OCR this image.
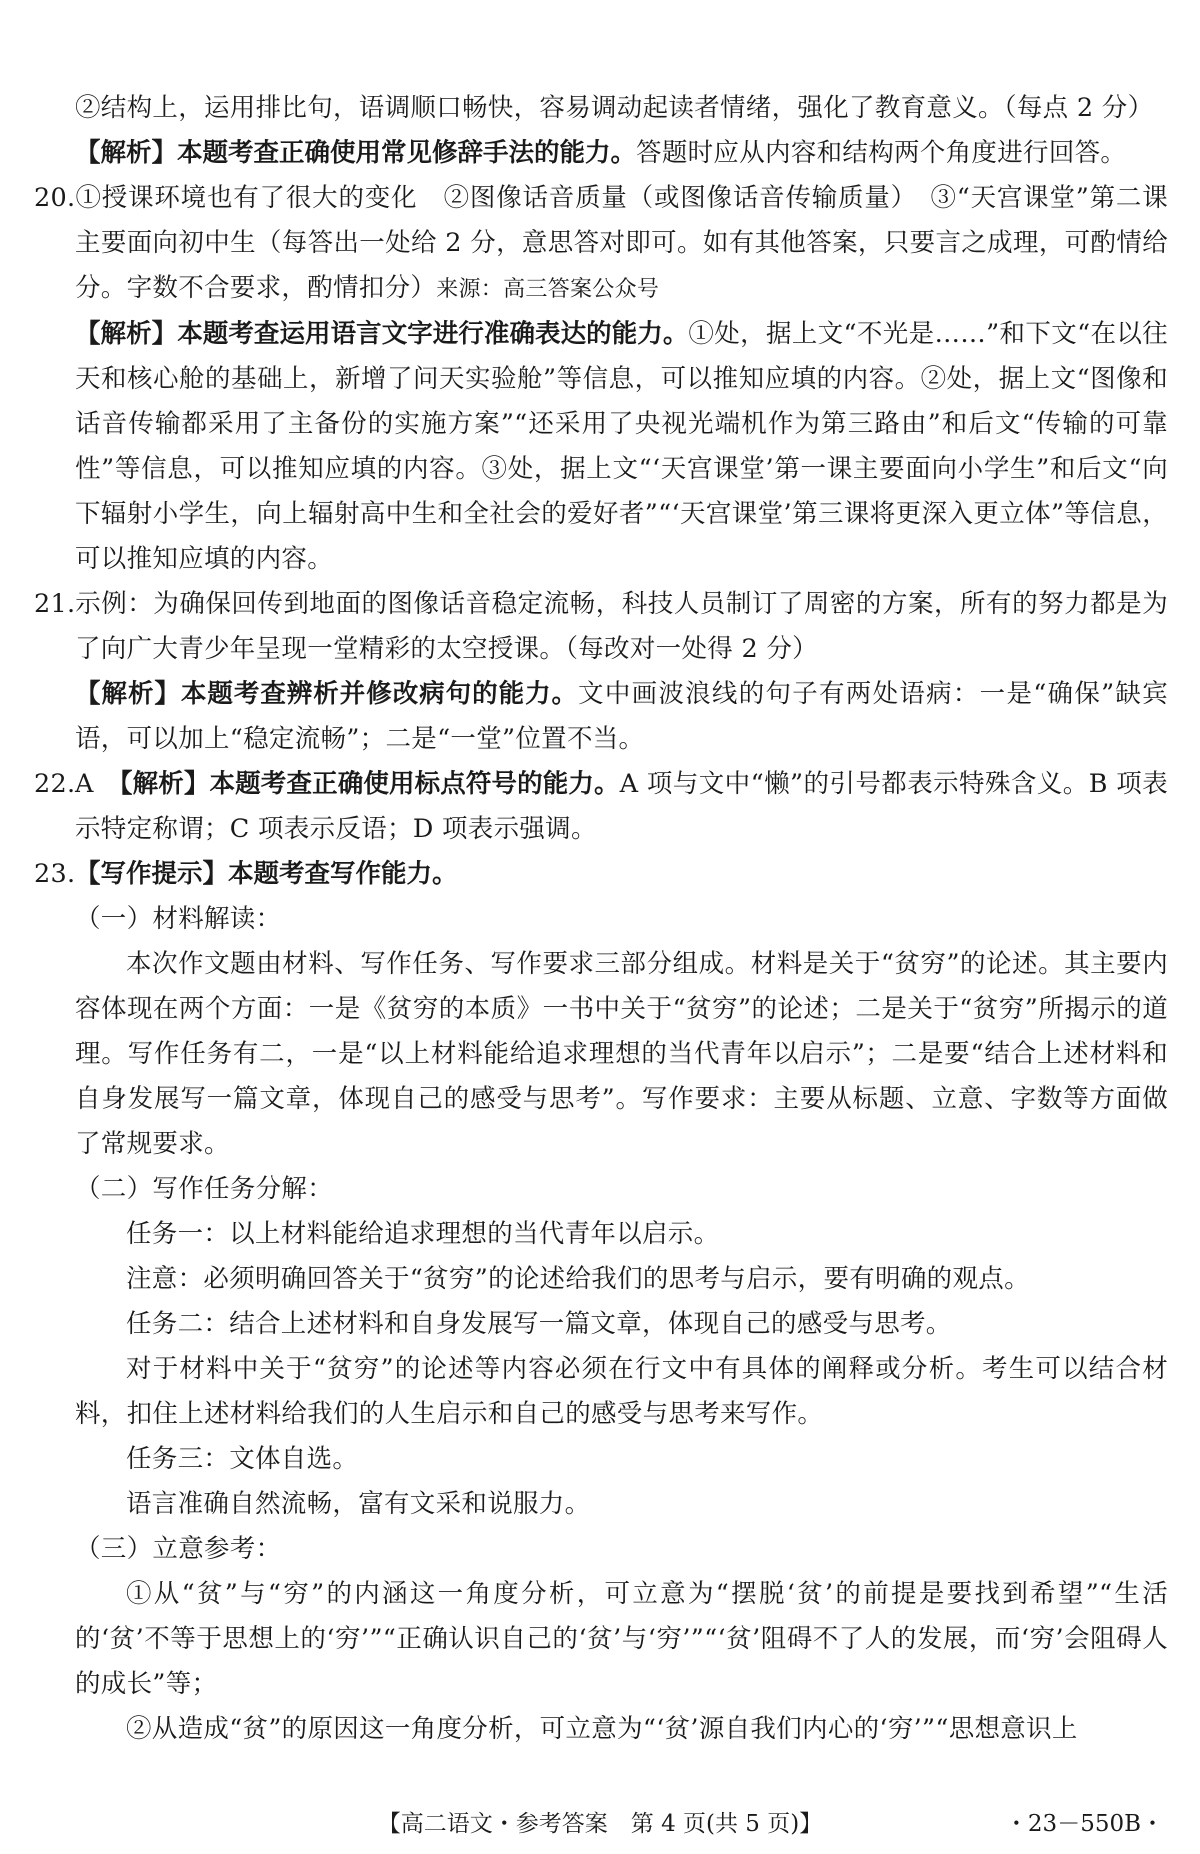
②结构上，运用排比句，语调顺口畅快，容易调动起读者情绪，强化了教育意义。（每点 2 分）

【解析】本题考查正确使用常见修辞手法的能力。答题时应从内容和结构两个角度进行回答。

20.①授课环境也有了很大的变化　②图像话音质量（或图像话音传输质量）　③“天宫课堂”第二课主要面向初中生（每答出一处给 2 分，意思答对即可。如有其他答案，只要言之成理，可酌情给分。字数不合要求，酌情扣分）来源：高三答案公众号

【解析】本题考查运用语言文字进行准确表达的能力。①处，据上文“不光是……”和下文“在以往天和核心舱的基础上，新增了问天实验舱”等信息，可以推知应填的内容。②处，据上文“图像和话音传输都采用了主备份的实施方案”“还采用了央视光端机作为第三路由”和后文“传输的可靠性”等信息，可以推知应填的内容。③处，据上文“‘天宫课堂’第一课主要面向小学生”和后文“向下辐射小学生，向上辐射高中生和全社会的爱好者”“‘天宫课堂’第三课将更深入更立体”等信息，可以推知应填的内容。

21.示例：为确保回传到地面的图像话音稳定流畅，科技人员制订了周密的方案，所有的努力都是为了向广大青少年呈现一堂精彩的太空授课。（每改对一处得 2 分）

【解析】本题考查辨析并修改病句的能力。文中画波浪线的句子有两处语病：一是“确保”缺宾语，可以加上“稳定流畅”；二是“一堂”位置不当。

22.A　【解析】本题考查正确使用标点符号的能力。A 项与文中“懒”的引号都表示特殊含义。B 项表示特定称谓；C 项表示反语；D 项表示强调。

23.【写作提示】本题考查写作能力。

（一）材料解读：

本次作文题由材料、写作任务、写作要求三部分组成。材料是关于“贫穷”的论述。其主要内容体现在两个方面：一是《贫穷的本质》一书中关于“贫穷”的论述；二是关于“贫穷”所揭示的道理。写作任务有二，一是“以上材料能给追求理想的当代青年以启示”；二是要“结合上述材料和自身发展写一篇文章，体现自己的感受与思考”。写作要求：主要从标题、立意、字数等方面做了常规要求。

（二）写作任务分解：

任务一：以上材料能给追求理想的当代青年以启示。

注意：必须明确回答关于“贫穷”的论述给我们的思考与启示，要有明确的观点。

任务二：结合上述材料和自身发展写一篇文章，体现自己的感受与思考。

对于材料中关于“贫穷”的论述等内容必须在行文中有具体的阐释或分析。考生可以结合材料，扣住上述材料给我们的人生启示和自己的感受与思考来写作。

任务三：文体自选。

语言准确自然流畅，富有文采和说服力。

（三）立意参考：

①从“贫”与“穷”的内涵这一角度分析，可立意为“摆脱‘贫’的前提是要找到希望”“生活的‘贫’不等于思想上的‘穷’”“正确认识自己的‘贫’与‘穷’”“‘贫’阻碍不了人的发展，而‘穷’会阻碍人的成长”等；

②从造成“贫”的原因这一角度分析，可立意为“‘贫’源自我们内心的‘穷’”“思想意识上

【高二语文・参考答案　第 4 页(共 5 页)】	・23－550B・
